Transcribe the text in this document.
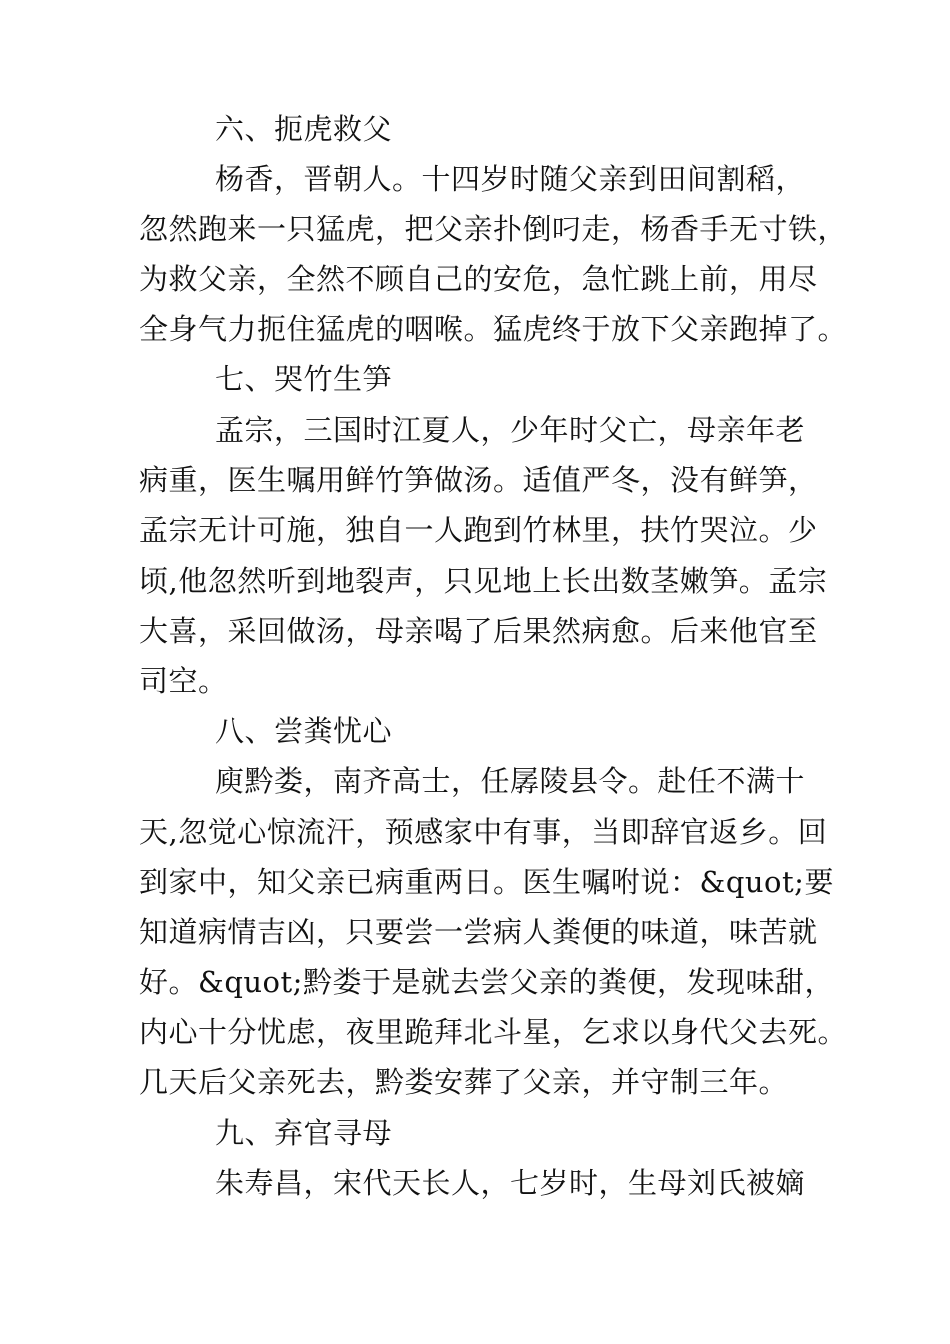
六、扼虎救父
杨香，晋朝人。十四岁时随父亲到田间割稻，
忽然跑来一只猛虎，把父亲扑倒叼走，杨香手无寸铁，
为救父亲，全然不顾自己的安危，急忙跳上前，用尽
全身气力扼住猛虎的咽喉。猛虎终于放下父亲跑掉了。
七、哭竹生笋
孟宗，三国时江夏人，少年时父亡，母亲年老
病重，医生嘱用鲜竹笋做汤。适值严冬，没有鲜笋，
孟宗无计可施，独自一人跑到竹林里，扶竹哭泣。少
顷,他忽然听到地裂声，只见地上长出数茎嫩笋。孟宗
大喜，采回做汤，母亲喝了后果然病愈。后来他官至
司空。
八、尝粪忧心
庾黔娄，南齐高士，任孱陵县令。赴任不满十
天,忽觉心惊流汗，预感家中有事，当即辞官返乡。回
到家中，知父亲已病重两日。医生嘱咐说：&quot;要
知道病情吉凶，只要尝一尝病人粪便的味道，味苦就
好。&quot;黔娄于是就去尝父亲的粪便，发现味甜，
内心十分忧虑，夜里跪拜北斗星，乞求以身代父去死。
几天后父亲死去，黔娄安葬了父亲，并守制三年。
九、弃官寻母
朱寿昌，宋代天长人，七岁时，生母刘氏被嫡
